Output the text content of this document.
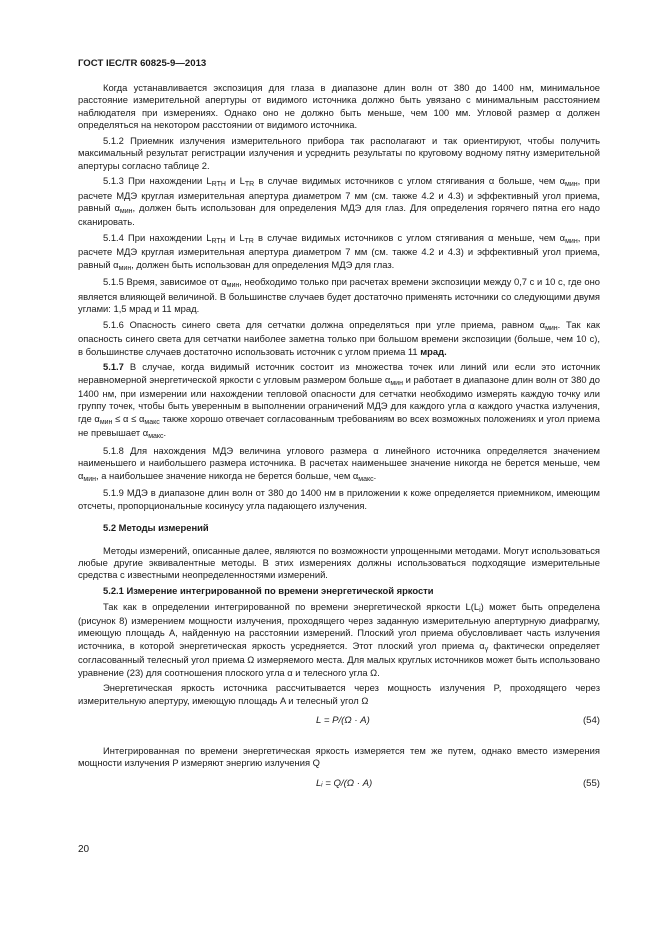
ГОСТ IEC/TR 60825-9—2013

Когда устанавливается экспозиция для глаза в диапазоне длин волн от 380 до 1400 нм, минимальное расстояние измерительной апертуры от видимого источника должно быть увязано с минимальным расстоянием наблюдателя при измерениях. Однако оно не должно быть меньше, чем 100 мм. Угловой размер α должен определяться на некотором расстоянии от видимого источника.

5.1.2 Приемник излучения измерительного прибора так располагают и так ориентируют, чтобы получить максимальный результат регистрации излучения и усреднить результаты по круговому водному пятну измерительной апертуры согласно таблице 2.

5.1.3 При нахождении $L_{RTH}$ и $L_{TR}$ в случае видимых источников с углом стягивания α больше, чем $\alpha_{мин}$, при расчете МДЭ круглая измерительная апертура диаметром 7 мм (см. также 4.2 и 4.3) и эффективный угол приема, равный $\alpha_{мин}$, должен быть использован для определения МДЭ для глаз. Для определения горячего пятна его надо сканировать.

5.1.4 При нахождении $L_{RTH}$ и $L_{TR}$ в случае видимых источников с углом стягивания α меньше, чем $\alpha_{мин}$, при расчете МДЭ круглая измерительная апертура диаметром 7 мм (см. также 4.2 и 4.3) и эффективный угол приема, равный $\alpha_{мин}$, должен быть использован для определения МДЭ для глаз.

5.1.5 Время, зависимое от $\alpha_{мин}$, необходимо только при расчетах времени экспозиции между 0,7 с и 10 с, где оно является влияющей величиной. В большинстве случаев будет достаточно применять источники со следующими двумя углами: 1,5 мрад и 11 мрад.

5.1.6 Опасность синего света для сетчатки должна определяться при угле приема, равном $\alpha_{мин}$. Так как опасность синего света для сетчатки наиболее заметна только при большом времени экспозиции (больше, чем 10 с), в большинстве случаев достаточно использовать источник с углом приема 11 мрад.

5.1.7 В случае, когда видимый источник состоит из множества точек или линий или если это источник неравномерной энергетической яркости с угловым размером больше $\alpha_{мин}$ и работает в диапазоне длин волн от 380 до 1400 нм, при измерении или нахождении тепловой опасности для сетчатки необходимо измерять каждую точку или группу точек, чтобы быть уверенным в выполнении ограничений МДЭ для каждого угла α каждого участка излучения, где $\alpha_{мин} \le \alpha \le \alpha_{макс}$ также хорошо отвечает согласованным требованиям во всех возможных положениях и угол приема не превышает $\alpha_{макс}$.

5.1.8 Для нахождения МДЭ величина углового размера α линейного источника определяется значением наименьшего и наибольшего размера источника. В расчетах наименьшее значение никогда не берется меньше, чем $\alpha_{мин}$, а наибольшее значение никогда не берется больше, чем $\alpha_{макс}$.

5.1.9 МДЭ в диапазоне длин волн от 380 до 1400 нм в приложении к коже определяется приемником, имеющим отсчеты, пропорциональные косинусу угла падающего излучения.

5.2 Методы измерений

Методы измерений, описанные далее, являются по возможности упрощенными методами. Могут использоваться любые другие эквивалентные методы. В этих измерениях должны использоваться подходящие измерительные средства с известными неопределенностями измерений.

5.2.1 Измерение интегрированной по времени энергетической яркости

Так как в определении интегрированной по времени энергетической яркости $L(L_i)$ может быть определена (рисунок 8) измерением мощности излучения, проходящего через заданную измерительную апертурную диафрагму, имеющую площадь A, найденную на расстоянии измерений. Плоский угол приема обусловливает часть излучения источника, в которой энергетическая яркость усредняется. Этот плоский угол приема $\alpha_\gamma$ фактически определяет согласованный телесный угол приема Ω измеряемого места. Для малых круглых источников может быть использовано уравнение (23) для соотношения плоского угла α и телесного угла Ω.

Энергетическая яркость источника рассчитывается через мощность излучения P, проходящего через измерительную апертуру, имеющую площадь A и телесный угол Ω

L = P/(Ω · A)	(54)

Интегрированная по времени энергетическая яркость измеряется тем же путем, однако вместо измерения мощности излучения P измеряют энергию излучения Q

Lᵢ = Q/(Ω · A)	(55)
20
